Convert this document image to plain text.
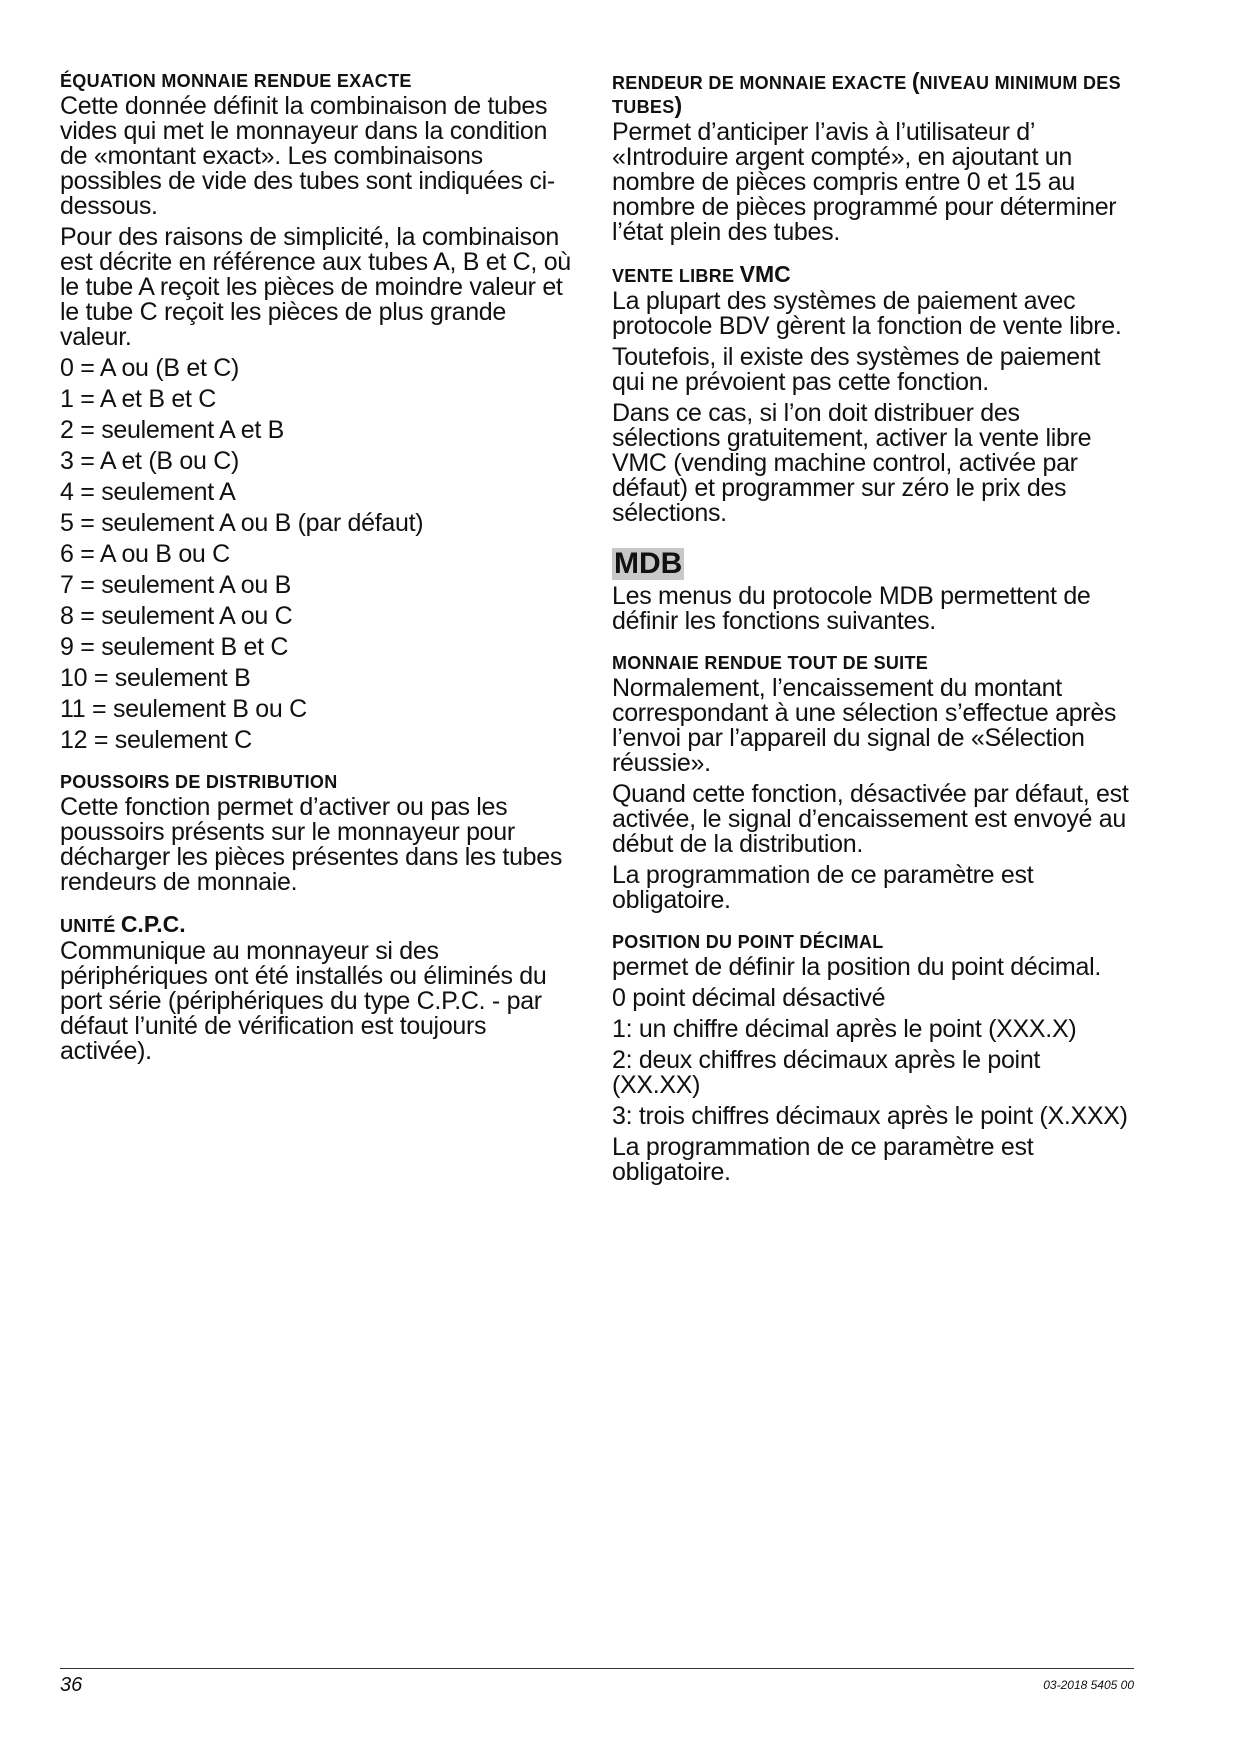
ÉQUATION MONNAIE RENDUE EXACTE

Cette donnée définit la combinaison de tubes vides qui met le monnayeur dans la condition de «montant exact». Les combinaisons possibles de vide des tubes sont indiquées ci-dessous.

Pour des raisons de simplicité, la combinaison est décrite en référence aux tubes A, B et C, où le tube A reçoit les pièces de moindre valeur et le tube C reçoit les pièces de plus grande valeur.

0 = A ou (B et C)
1 = A et B et C
2 = seulement A et B
3 = A et (B ou C)
4 = seulement A
5 = seulement A ou B (par défaut)
6 = A ou B ou C
7 = seulement A ou B
8 = seulement A ou C
9 = seulement B et C
10 = seulement B
11 = seulement B ou C
12 = seulement C
POUSSOIRS DE DISTRIBUTION

Cette fonction permet d’activer ou pas les poussoirs présents sur le monnayeur pour décharger les pièces présentes dans les tubes rendeurs de monnaie.

UNITÉ C.P.C.

Communique au monnayeur si des périphériques ont été installés ou éliminés du port série (périphériques du type C.P.C. - par défaut l’unité de vérification est toujours activée).

RENDEUR DE MONNAIE EXACTE (NIVEAU MINIMUM DES TUBES)

Permet d’anticiper l’avis à l’utilisateur d’ «Introduire argent compté», en ajoutant un nombre de pièces compris entre 0 et 15 au nombre de pièces programmé pour déterminer l’état plein des tubes.

VENTE LIBRE VMC

La plupart des systèmes de paiement avec protocole BDV gèrent la fonction de vente libre.

Toutefois, il existe des systèmes de paiement qui ne prévoient pas cette fonction.

Dans ce cas, si l’on doit distribuer des sélections gratuitement, activer la vente libre VMC (vending machine control, activée par défaut) et programmer sur zéro le prix des sélections.

MDB

Les menus du protocole MDB permettent de définir les fonctions suivantes.

MONNAIE RENDUE TOUT DE SUITE

Normalement, l’encaissement du montant correspondant à une sélection s’effectue après l’envoi par l’appareil du signal de «Sélection réussie».

Quand cette fonction, désactivée par défaut, est activée, le signal d’encaissement est envoyé au début de la distribution.

La programmation de ce paramètre est obligatoire.

POSITION DU POINT DÉCIMAL

permet de définir la position du point décimal.

0 point décimal désactivé

1: un chiffre décimal après le point (XXX.X)

2: deux chiffres décimaux après le point (XX.XX)

3: trois chiffres décimaux après le point (X.XXX)

La programmation de ce paramètre est obligatoire.

36	03-2018 5405 00
